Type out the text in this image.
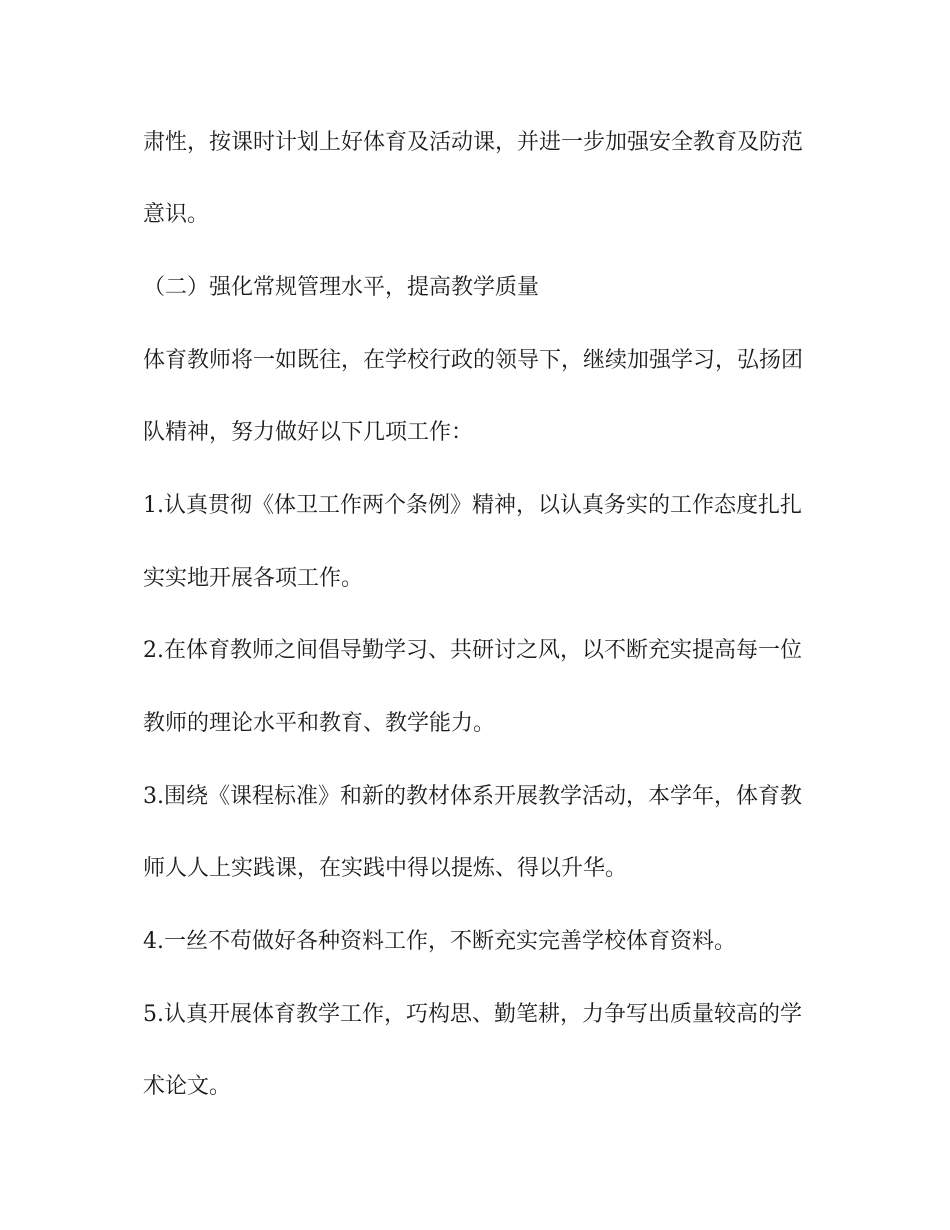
肃性，按课时计划上好体育及活动课，并进一步加强安全教育及防范

意识。

（二）强化常规管理水平，提高教学质量

体育教师将一如既往，在学校行政的领导下，继续加强学习，弘扬团

队精神，努力做好以下几项工作：

1.认真贯彻《体卫工作两个条例》精神，以认真务实的工作态度扎扎

实实地开展各项工作。

2.在体育教师之间倡导勤学习、共研讨之风，以不断充实提高每一位

教师的理论水平和教育、教学能力。

3.围绕《课程标准》和新的教材体系开展教学活动，本学年，体育教

师人人上实践课，在实践中得以提炼、得以升华。

4.一丝不苟做好各种资料工作，不断充实完善学校体育资料。

5.认真开展体育教学工作，巧构思、勤笔耕，力争写出质量较高的学

术论文。
